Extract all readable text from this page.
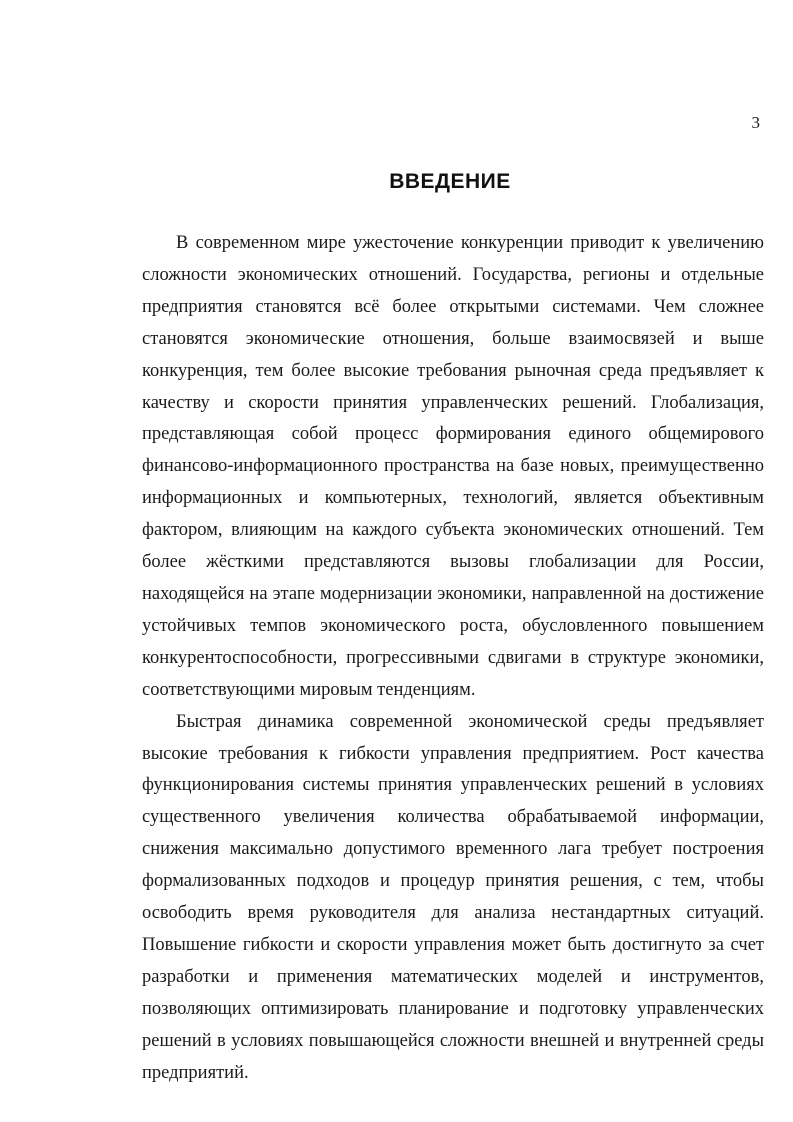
3
ВВЕДЕНИЕ

В современном мире ужесточение конкуренции приводит к увеличению сложности экономических отношений. Государства, регионы и отдельные предприятия становятся всё более открытыми системами. Чем сложнее становятся экономические отношения, больше взаимосвязей и выше конкуренция, тем более высокие требования рыночная среда предъявляет к качеству и скорости принятия управленческих решений. Глобализация, представляющая собой процесс формирования единого общемирового финансово-информационного пространства на базе новых, преимущественно информационных и компьютерных, технологий, является объективным фактором, влияющим на каждого субъекта экономических отношений. Тем более жёсткими представляются вызовы глобализации для России, находящейся на этапе модернизации экономики, направленной на достижение устойчивых темпов экономического роста, обусловленного повышением конкурентоспособности, прогрессивными сдвигами в структуре экономики, соответствующими мировым тенденциям.

Быстрая динамика современной экономической среды предъявляет высокие требования к гибкости управления предприятием. Рост качества функционирования системы принятия управленческих решений в условиях существенного увеличения количества обрабатываемой информации, снижения максимально допустимого временного лага требует построения формализованных подходов и процедур принятия решения, с тем, чтобы освободить время руководителя для анализа нестандартных ситуаций. Повышение гибкости и скорости управления может быть достигнуто за счет разработки и применения математических моделей и инструментов, позволяющих оптимизировать планирование и подготовку управленческих решений в условиях повышающейся сложности внешней и внутренней среды предприятий.
